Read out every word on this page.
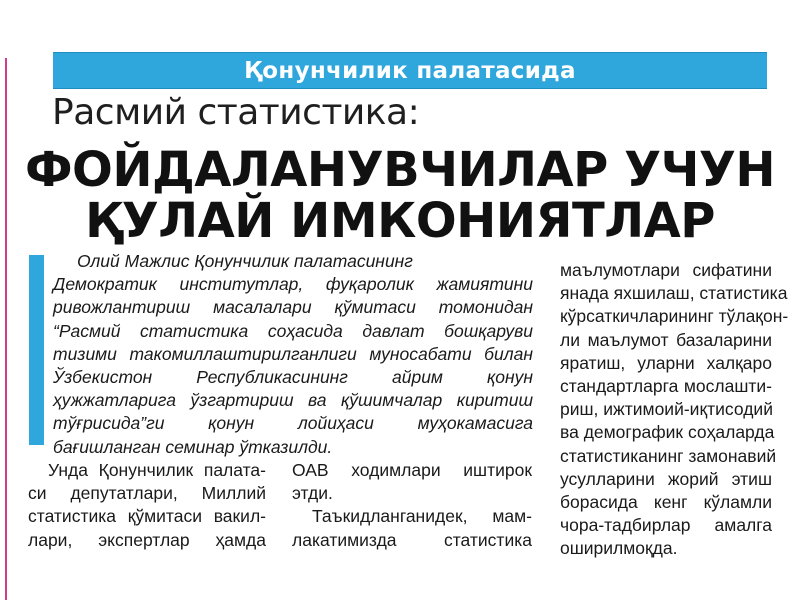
Қонунчилик палатасида
Расмий статистика:
ФОЙДАЛАНУВЧИЛАР УЧУН
ҚУЛАЙ ИМКОНИЯТЛАР
Олий Мажлис Қонунчилик палатасининг
Демократик институтлар, фуқаролик жамиятини
ривожлантириш масалалари қўмитаси томонидан
“Расмий статистика соҳасида давлат бошқаруви
тизими такомиллаштирилганлиги муносабати билан
Ўзбекистон Республикасининг айрим қонун
ҳужжатларига ўзгартириш ва қўшимчалар киритиш
тўғрисида”ги қонун лойиҳаси муҳокамасига
бағишланган семинар ўтказилди.
Унда Қонунчилик палата-
си депутатлари, Миллий
статистика қўмитаси вакил-
лари, экспертлар ҳамда
ОАВ ходимлари иштирок
этди.
Таъкидланганидек, мам-
лакатимизда статистика
маълумотлари сифатини
янада яхшилаш, статистика
кўрсаткичларининг тўлақон-
ли маълумот базаларини
яратиш, уларни халқаро
стандартларга мослашти-
риш, ижтимоий-иқтисодий
ва демографик соҳаларда
статистиканинг замонавий
усулларини жорий этиш
борасида кенг кўламли
чора-тадбирлар амалга
оширилмоқда.
